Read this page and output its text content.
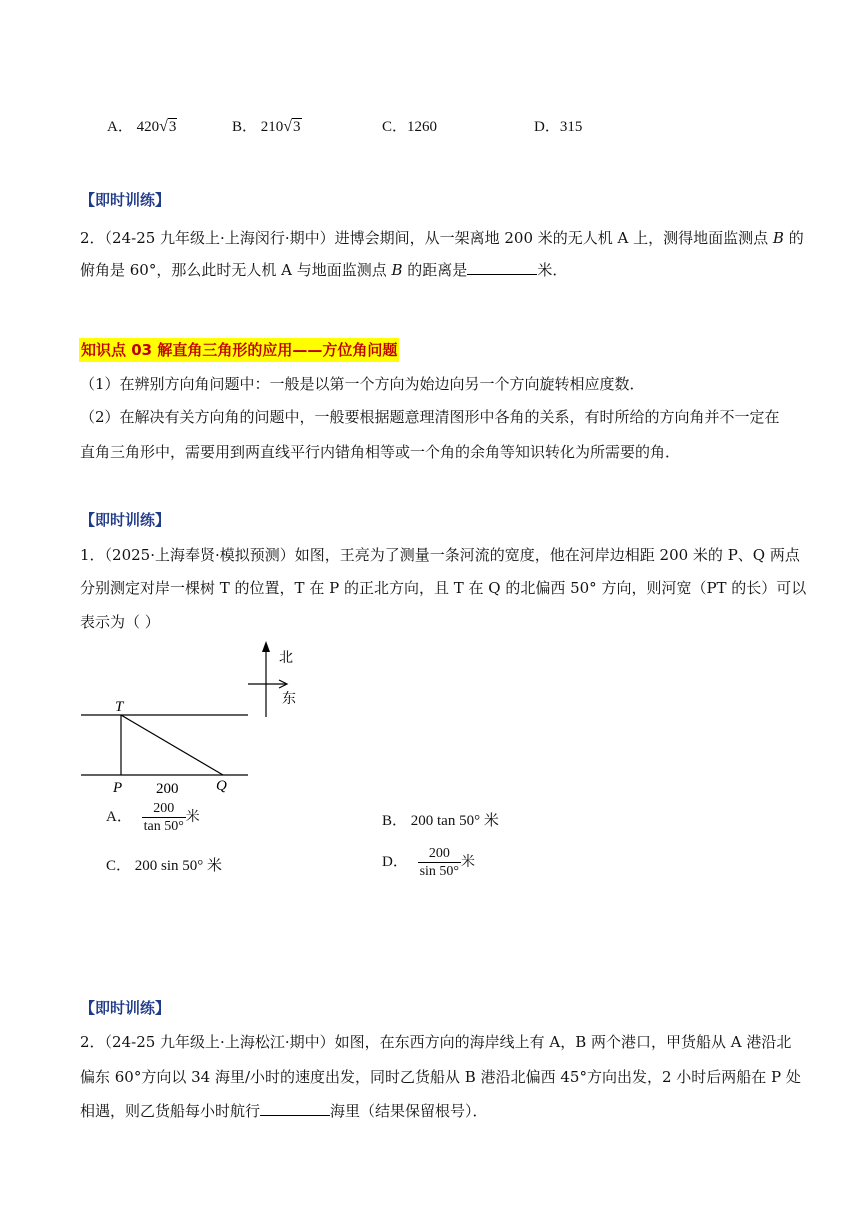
A． 420√3	B． 210√3	C．1260	D．315
【即时训练】
2．（24-25 九年级上·上海闵行·期中）进博会期间，从一架离地 200 米的无人机 A 上，测得地面监测点 B 的
俯角是 60°，那么此时无人机 A 与地面监测点 B 的距离是	米．
知识点 03 解直角三角形的应用——方位角问题
（1）在辨别方向角问题中：一般是以第一个方向为始边向另一个方向旋转相应度数．
（2）在解决有关方向角的问题中，一般要根据题意理清图形中各角的关系，有时所给的方向角并不一定在
直角三角形中，需要用到两直线平行内错角相等或一个角的余角等知识转化为所需要的角．
【即时训练】
1．（2025·上海奉贤·模拟预测）如图，王亮为了测量一条河流的宽度，他在河岸边相距 200 米的 P、Q 两点
分别测定对岸一棵树 T 的位置，T 在 P 的正北方向，且 T 在 Q 的北偏西 50° 方向，则河宽（PT 的长）可以
表示为（ ）
T
P	Q
200
北
东
A． $\frac{200}{\tan 50^\circ}$ 米	B． 200 tan 50° 米
C． 200 sin 50° 米	D． $\frac{200}{\sin 50^\circ}$ 米
【即时训练】
2．（24-25 九年级上·上海松江·期中）如图，在东西方向的海岸线上有 A，B 两个港口，甲货船从 A 港沿北
偏东 60°方向以 34 海里/小时的速度出发，同时乙货船从 B 港沿北偏西 45°方向出发，2 小时后两船在 P 处
相遇，则乙货船每小时航行	海里（结果保留根号）．
